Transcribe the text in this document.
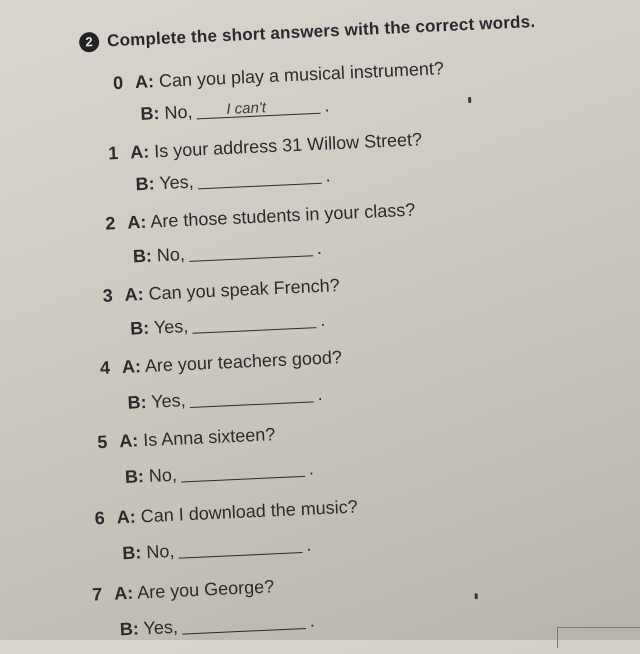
2 Complete the short answers with the correct words.
0 A: Can you play a musical instrument?
B: No, I can't	.
1 A: Is your address 31 Willow Street?
B: Yes,	.
2 A: Are those students in your class?
B: No,	.
3 A: Can you speak French?
B: Yes,	.
4 A: Are your teachers good?
B: Yes,	.
5 A: Is Anna sixteen?
B: No,	.
6 A: Can I download the music?
B: No,	.
7 A: Are you George?
B: Yes,	.
